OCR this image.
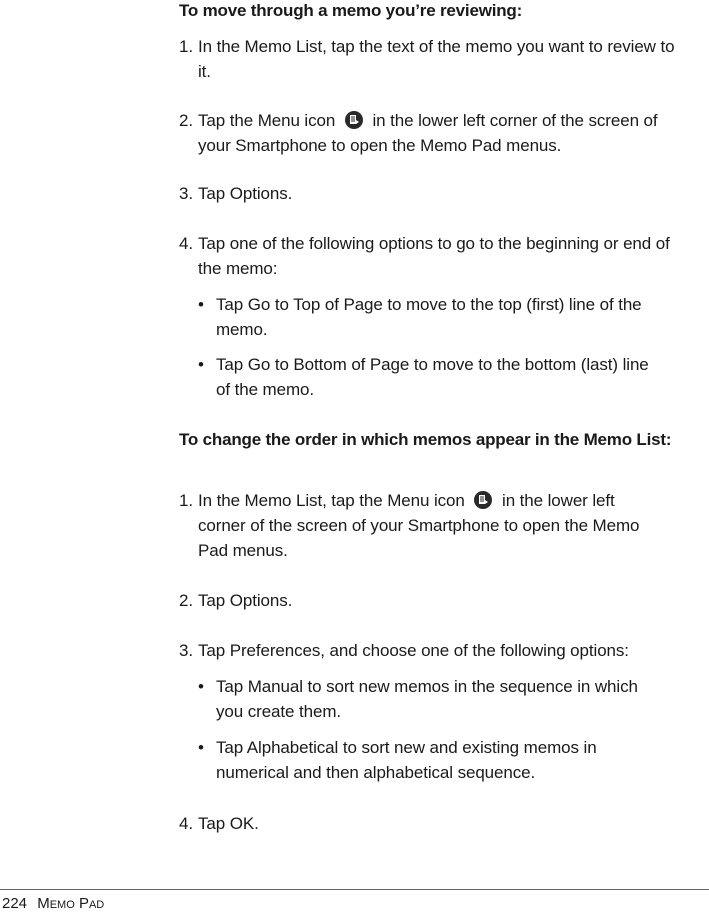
To move through a memo you’re reviewing:

1. In the Memo List, tap the text of the memo you want to review to it.
2. Tap the Menu icon  in the lower left corner of the screen of your Smartphone to open the Memo Pad menus.
3. Tap Options.
4. Tap one of the following options to go to the beginning or end of the memo:
• Tap Go to Top of Page to move to the top (first) line of the memo.
• Tap Go to Bottom of Page to move to the bottom (last) line of the memo.

To change the order in which memos appear in the Memo List:

1. In the Memo List, tap the Menu icon  in the lower left corner of the screen of your Smartphone to open the Memo Pad menus.
2. Tap Options.
3. Tap Preferences, and choose one of the following options:
• Tap Manual to sort new memos in the sequence in which you create them.
• Tap Alphabetical to sort new and existing memos in numerical and then alphabetical sequence.
4. Tap OK.
224 MEMO PAD
